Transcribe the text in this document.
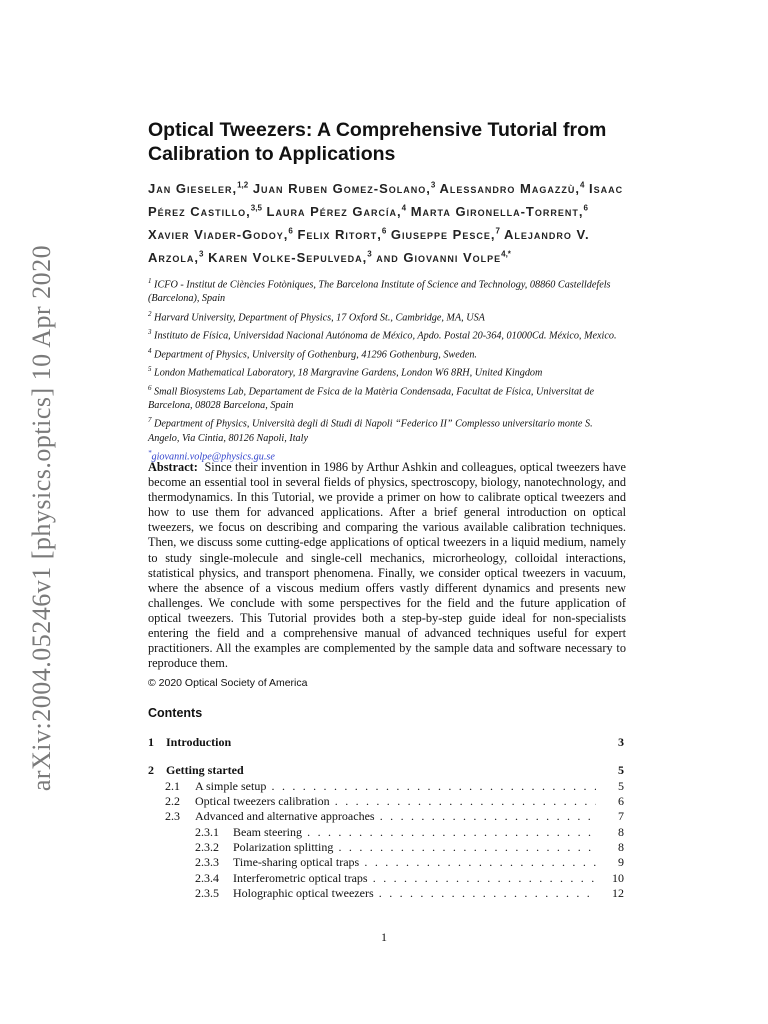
arXiv:2004.05246v1 [physics.optics] 10 Apr 2020
Optical Tweezers: A Comprehensive Tutorial from Calibration to Applications
Jan Gieseler,$^{1,2}$ Juan Ruben Gomez-Solano,$^3$ Alessandro Magazzù,$^4$ Isaac Pérez Castillo,$^{3,5}$ Laura Pérez García,$^4$ Marta Gironella-Torrent,$^6$ Xavier Viader-Godoy,$^6$ Felix Ritort,$^6$ Giuseppe Pesce,$^7$ Alejandro V. Arzola,$^3$ Karen Volke-Sepulveda,$^3$ and Giovanni Volpe$^{4,*}$
$^1$ ICFO - Institut de Ciències Fotòniques, The Barcelona Institute of Science and Technology, 08860 Castelldefels (Barcelona), Spain
$^2$ Harvard University, Department of Physics, 17 Oxford St., Cambridge, MA, USA
$^3$ Instituto de Física, Universidad Nacional Autónoma de México, Apdo. Postal 20-364, 01000Cd. México, Mexico.
$^4$ Department of Physics, University of Gothenburg, 41296 Gothenburg, Sweden.
$^5$ London Mathematical Laboratory, 18 Margravine Gardens, London W6 8RH, United Kingdom
$^6$ Small Biosystems Lab, Departament de Fsica de la Matèria Condensada, Facultat de Física, Universitat de Barcelona, 08028 Barcelona, Spain
$^7$ Department of Physics, Università degli di Studi di Napoli “Federico II” Complesso universitario monte S. Angelo, Via Cintia, 80126 Napoli, Italy
*giovanni.volpe@physics.gu.se

Abstract: Since their invention in 1986 by Arthur Ashkin and colleagues, optical tweezers have become an essential tool in several fields of physics, spectroscopy, biology, nanotechnology, and thermodynamics. In this Tutorial, we provide a primer on how to calibrate optical tweezers and how to use them for advanced applications. After a brief general introduction on optical tweezers, we focus on describing and comparing the various available calibration techniques. Then, we discuss some cutting-edge applications of optical tweezers in a liquid medium, namely to study single-molecule and single-cell mechanics, microrheology, colloidal interactions, statistical physics, and transport phenomena. Finally, we consider optical tweezers in vacuum, where the absence of a viscous medium offers vastly different dynamics and presents new challenges. We conclude with some perspectives for the field and the future application of optical tweezers. This Tutorial provides both a step-by-step guide ideal for non-specialists entering the field and a comprehensive manual of advanced techniques useful for expert practitioners. All the examples are complemented by the sample data and software necessary to reproduce them.

© 2020 Optical Society of America
Contents
1 Introduction	3
2 Getting started	5
2.1 A simple setup . . .	5
2.2 Optical tweezers calibration . . .	6
2.3 Advanced and alternative approaches . . .	7
2.3.1 Beam steering . . .	8
2.3.2 Polarization splitting . . .	8
2.3.3 Time-sharing optical traps . . .	9
2.3.4 Interferometric optical traps . . .	10
2.3.5 Holographic optical tweezers . . .	12
1
